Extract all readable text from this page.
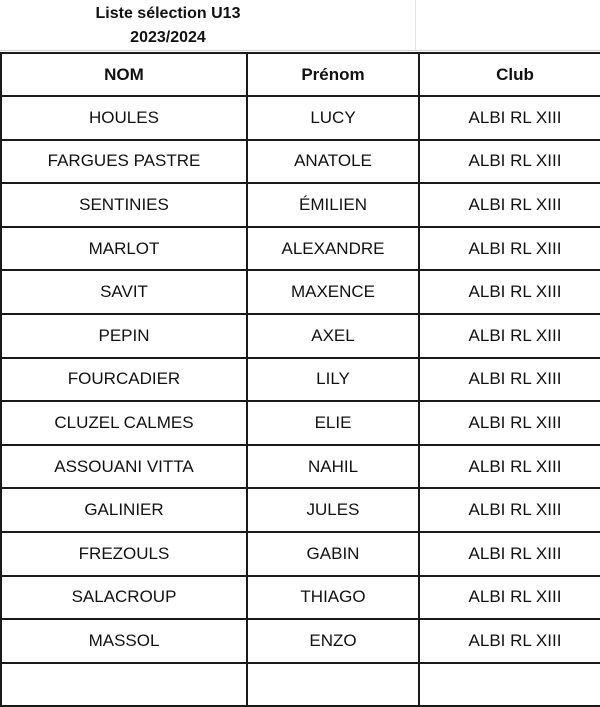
Liste sélection U13
2023/2024
NOM	Prénom	Club
HOULES	LUCY	ALBI RL XIII
FARGUES PASTRE	ANATOLE	ALBI RL XIII
SENTINIES	ÉMILIEN	ALBI RL XIII
MARLOT	ALEXANDRE	ALBI RL XIII
SAVIT	MAXENCE	ALBI RL XIII
PEPIN	AXEL	ALBI RL XIII
FOURCADIER	LILY	ALBI RL XIII
CLUZEL CALMES	ELIE	ALBI RL XIII
ASSOUANI VITTA	NAHIL	ALBI RL XIII
GALINIER	JULES	ALBI RL XIII
FREZOULS	GABIN	ALBI RL XIII
SALACROUP	THIAGO	ALBI RL XIII
MASSOL	ENZO	ALBI RL XIII
